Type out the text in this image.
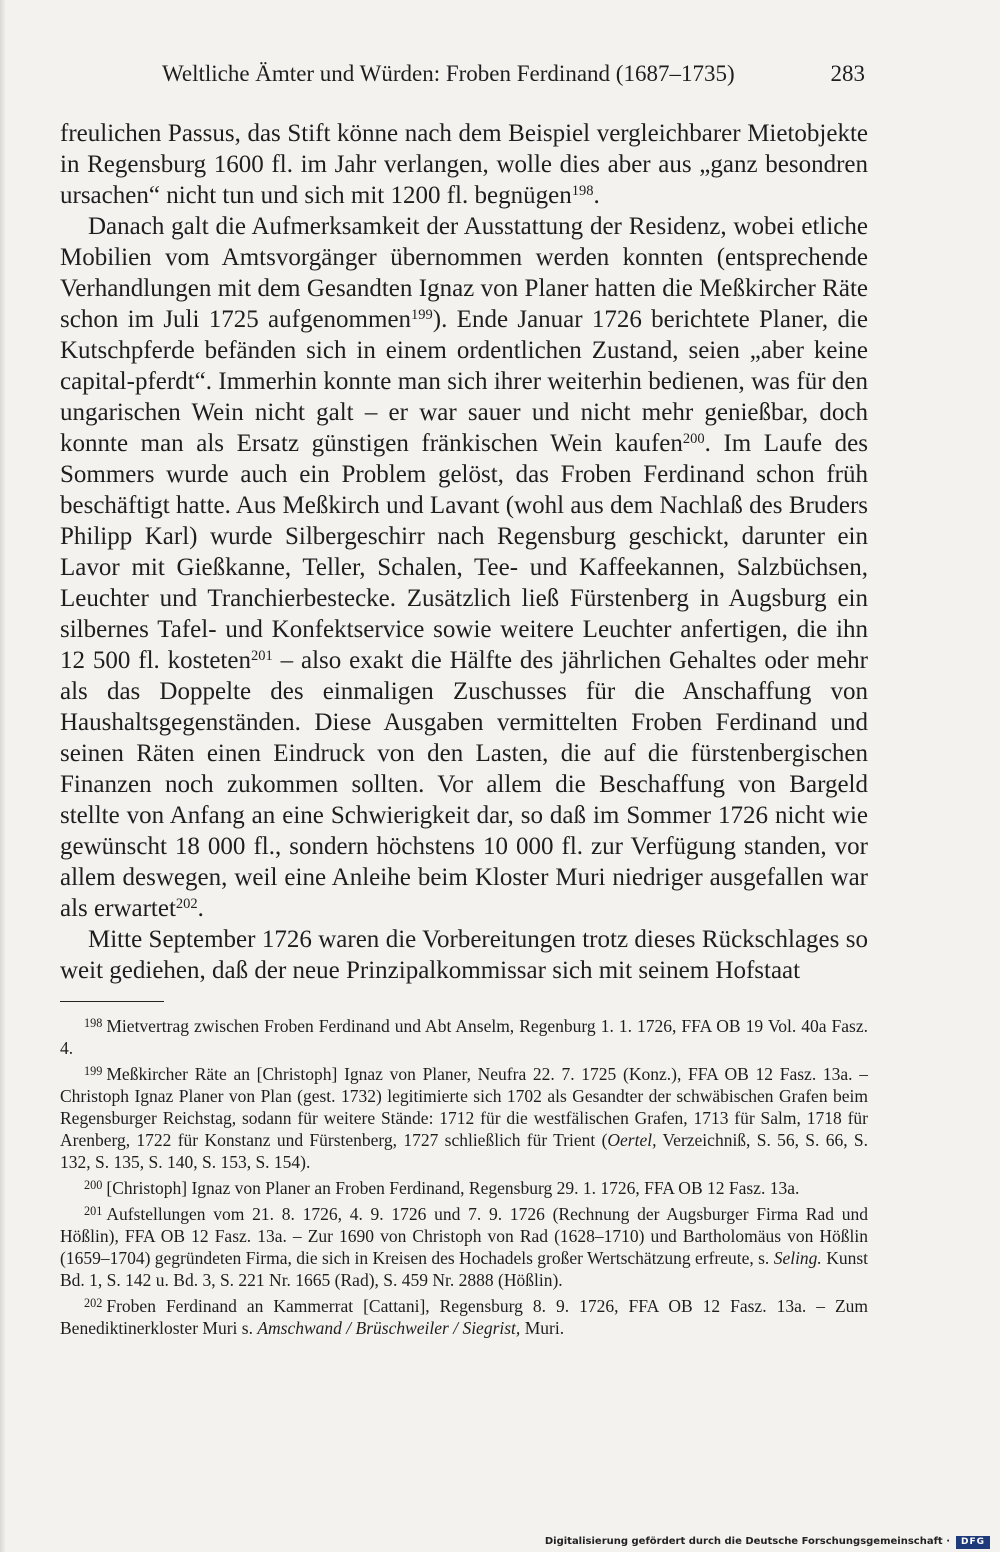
Weltliche Ämter und Würden: Froben Ferdinand (1687–1735)	283

freulichen Passus, das Stift könne nach dem Beispiel vergleichbarer Mietobjekte in Regensburg 1600 fl. im Jahr verlangen, wolle dies aber aus „ganz besondren ursachen“ nicht tun und sich mit 1200 fl. begnügen$^{198}$.

Danach galt die Aufmerksamkeit der Ausstattung der Residenz, wobei etliche Mobilien vom Amtsvorgänger übernommen werden konnten (entsprechende Verhandlungen mit dem Gesandten Ignaz von Planer hatten die Meßkircher Räte schon im Juli 1725 aufgenommen$^{199}$). Ende Januar 1726 berichtete Planer, die Kutschpferde befänden sich in einem ordentlichen Zustand, seien „aber keine capital-pferdt“. Immerhin konnte man sich ihrer weiterhin bedienen, was für den ungarischen Wein nicht galt – er war sauer und nicht mehr genießbar, doch konnte man als Ersatz günstigen fränkischen Wein kaufen$^{200}$. Im Laufe des Sommers wurde auch ein Problem gelöst, das Froben Ferdinand schon früh beschäftigt hatte. Aus Meßkirch und Lavant (wohl aus dem Nachlaß des Bruders Philipp Karl) wurde Silbergeschirr nach Regensburg geschickt, darunter ein Lavor mit Gießkanne, Teller, Schalen, Tee- und Kaffeekannen, Salzbüchsen, Leuchter und Tranchierbestecke. Zusätzlich ließ Fürstenberg in Augsburg ein silbernes Tafel- und Konfektservice sowie weitere Leuchter anfertigen, die ihn 12 500 fl. kosteten$^{201}$ – also exakt die Hälfte des jährlichen Gehaltes oder mehr als das Doppelte des einmaligen Zuschusses für die Anschaffung von Haushaltsgegenständen. Diese Ausgaben vermittelten Froben Ferdinand und seinen Räten einen Eindruck von den Lasten, die auf die fürstenbergischen Finanzen noch zukommen sollten. Vor allem die Beschaffung von Bargeld stellte von Anfang an eine Schwierigkeit dar, so daß im Sommer 1726 nicht wie gewünscht 18 000 fl., sondern höchstens 10 000 fl. zur Verfügung standen, vor allem deswegen, weil eine Anleihe beim Kloster Muri niedriger ausgefallen war als erwartet$^{202}$.

Mitte September 1726 waren die Vorbereitungen trotz dieses Rückschlages so weit gediehen, daß der neue Prinzipalkommissar sich mit seinem Hofstaat

$^{198}$ Mietvertrag zwischen Froben Ferdinand und Abt Anselm, Regenburg 1. 1. 1726, FFA OB 19 Vol. 40a Fasz. 4.

$^{199}$ Meßkircher Räte an [Christoph] Ignaz von Planer, Neufra 22. 7. 1725 (Konz.), FFA OB 12 Fasz. 13a. – Christoph Ignaz Planer von Plan (gest. 1732) legitimierte sich 1702 als Gesandter der schwäbischen Grafen beim Regensburger Reichstag, sodann für weitere Stände: 1712 für die westfälischen Grafen, 1713 für Salm, 1718 für Arenberg, 1722 für Konstanz und Fürstenberg, 1727 schließlich für Trient (Oertel, Verzeichniß, S. 56, S. 66, S. 132, S. 135, S. 140, S. 153, S. 154).

$^{200}$ [Christoph] Ignaz von Planer an Froben Ferdinand, Regensburg 29. 1. 1726, FFA OB 12 Fasz. 13a.

$^{201}$ Aufstellungen vom 21. 8. 1726, 4. 9. 1726 und 7. 9. 1726 (Rechnung der Augsburger Firma Rad und Hößlin), FFA OB 12 Fasz. 13a. – Zur 1690 von Christoph von Rad (1628–1710) und Bartholomäus von Hößlin (1659–1704) gegründeten Firma, die sich in Kreisen des Hochadels großer Wertschätzung erfreute, s. Seling. Kunst Bd. 1, S. 142 u. Bd. 3, S. 221 Nr. 1665 (Rad), S. 459 Nr. 2888 (Hößlin).

$^{202}$ Froben Ferdinand an Kammerrat [Cattani], Regensburg 8. 9. 1726, FFA OB 12 Fasz. 13a. – Zum Benediktinerkloster Muri s. Amschwand / Brüschweiler / Siegrist, Muri.

Digitalisierung gefördert durch die Deutsche Forschungsgemeinschaft ·	DFG
